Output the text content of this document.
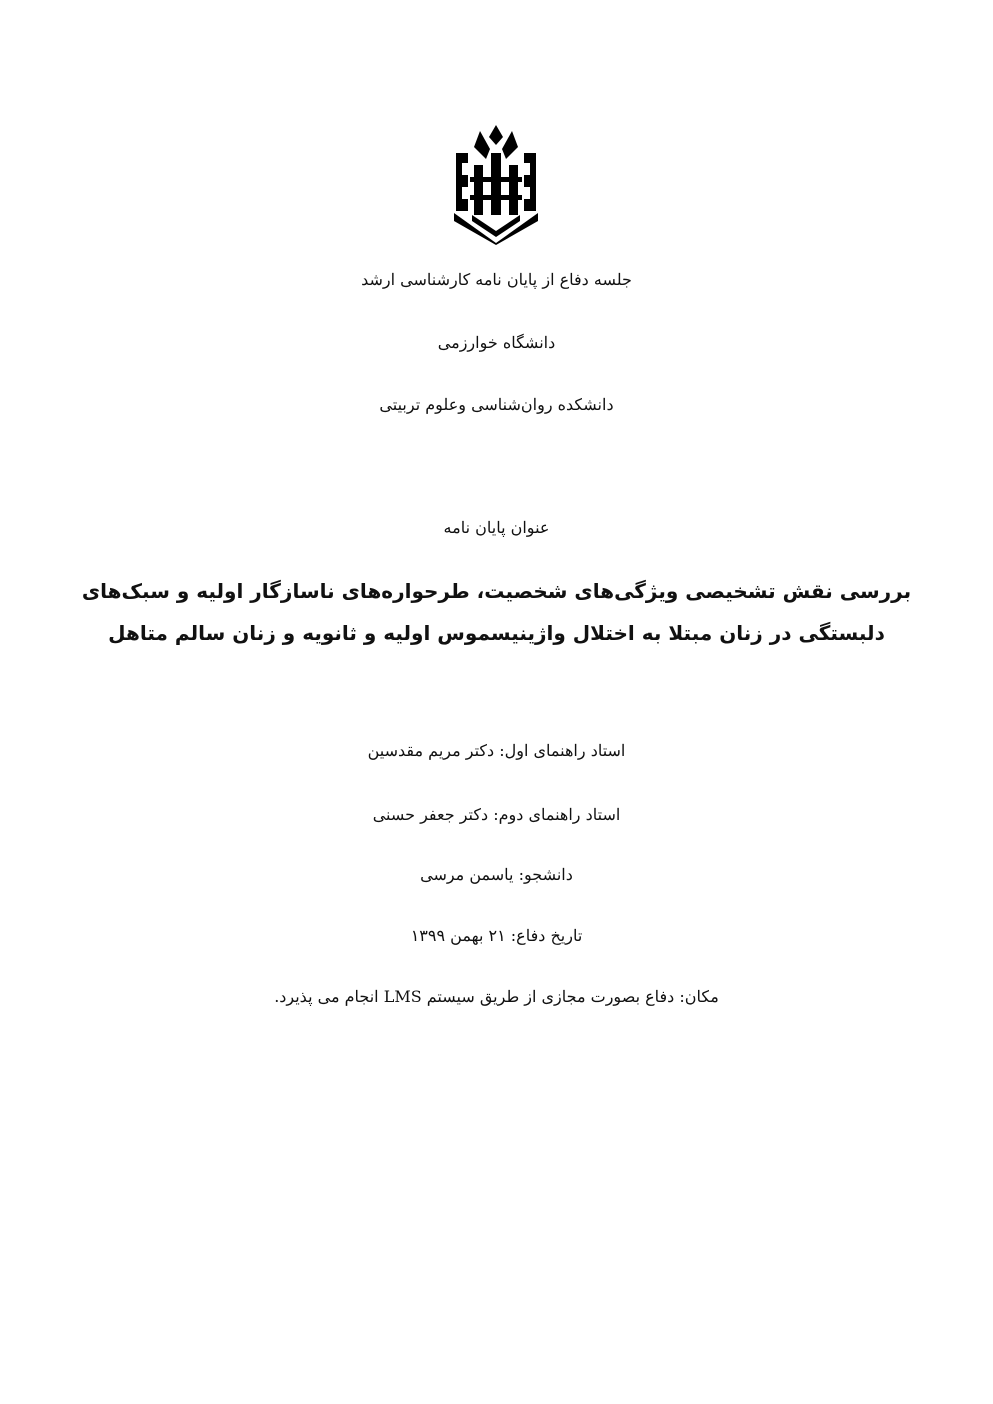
جلسه دفاع از پایان نامه کارشناسی ارشد
دانشگاه خوارزمی
دانشکده روان‌شناسی وعلوم تربیتی
عنوان پایان نامه
بررسی نقش تشخیصی ویژگی‌های شخصیت، طرحواره‌های ناسازگار اولیه و سبک‌های
دلبستگی در زنان مبتلا به اختلال واژینیسموس اولیه و ثانویه و زنان سالم متاهل
استاد راهنمای اول: دکتر مریم مقدسین
استاد راهنمای دوم: دکتر جعفر حسنی
دانشجو: یاسمن مرسی
تاریخ دفاع: ۲۱ بهمن ۱۳۹۹
مکان: دفاع بصورت مجازی از طریق سیستم LMS انجام می پذیرد.
